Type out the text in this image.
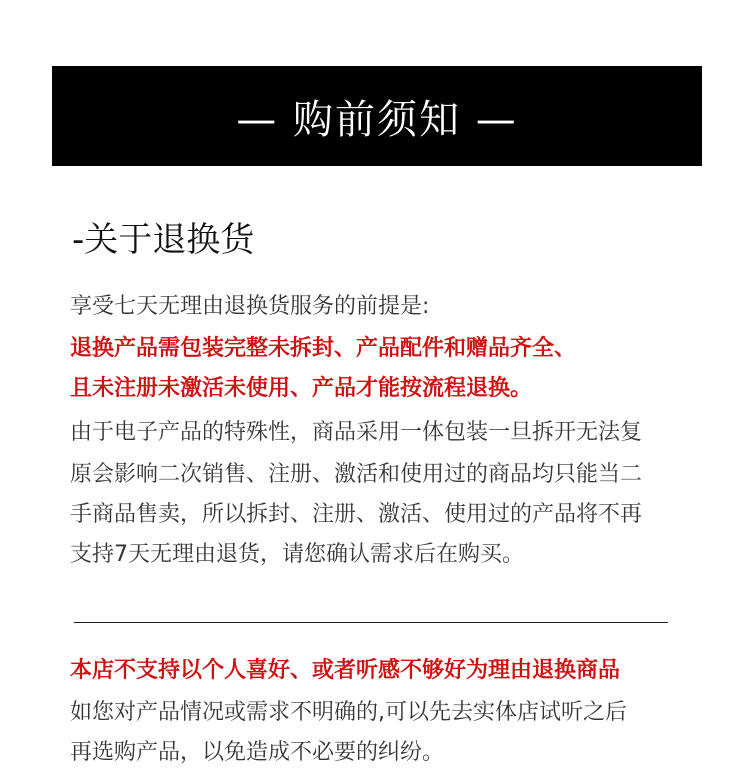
— 购前须知 —
-关于退换货
享受七天无理由退换货服务的前提是:
退换产品需包装完整未拆封、产品配件和赠品齐全、
且未注册未激活未使用、产品才能按流程退换。
由于电子产品的特殊性，商品采用一体包装一旦拆开无法复
原会影响二次销售、注册、激活和使用过的商品均只能当二
手商品售卖，所以拆封、注册、激活、使用过的产品将不再
支持7天无理由退货，请您确认需求后在购买。
本店不支持以个人喜好、或者听感不够好为理由退换商品
如您对产品情况或需求不明确的,可以先去实体店试听之后
再选购产品，以免造成不必要的纠纷。
